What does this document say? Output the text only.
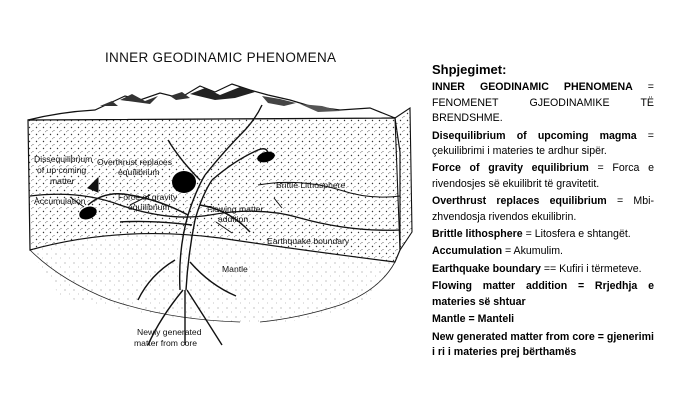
INNER GEODINAMIC PHENOMENA
Dissequilibrium
of up coming
matter
Accumulation
Overthrust replaces
equilibrium
Force of gravity
equilibrium
Brittle Lithosphere
Flowing matter
addition
Earthquake boundary
Mantle
Newly generated
matter from core
Shpjegimet:
INNER GEODINAMIC PHENOMENA = FENOMENET GJEODINAMIKE TË BRENDSHME.
Disequilibrium of upcoming magma = çekuilibrimi i materies te ardhur sipër.
Force of gravity equilibrium = Forca e rivendosjes së ekuilibrit të gravitetit.
Overthrust replaces equilibrium = Mbi-zhvendosja rivendos ekuilibrin.
Brittle lithosphere = Litosfera e shtangët.
Accumulation = Akumulim.
Earthquake boundary == Kufiri i tërmeteve.
Flowing matter addition = Rrjedhja e materies së shtuar
Mantle = Manteli
New generated matter from core = gjenerimi i ri i materies prej bërthamës
